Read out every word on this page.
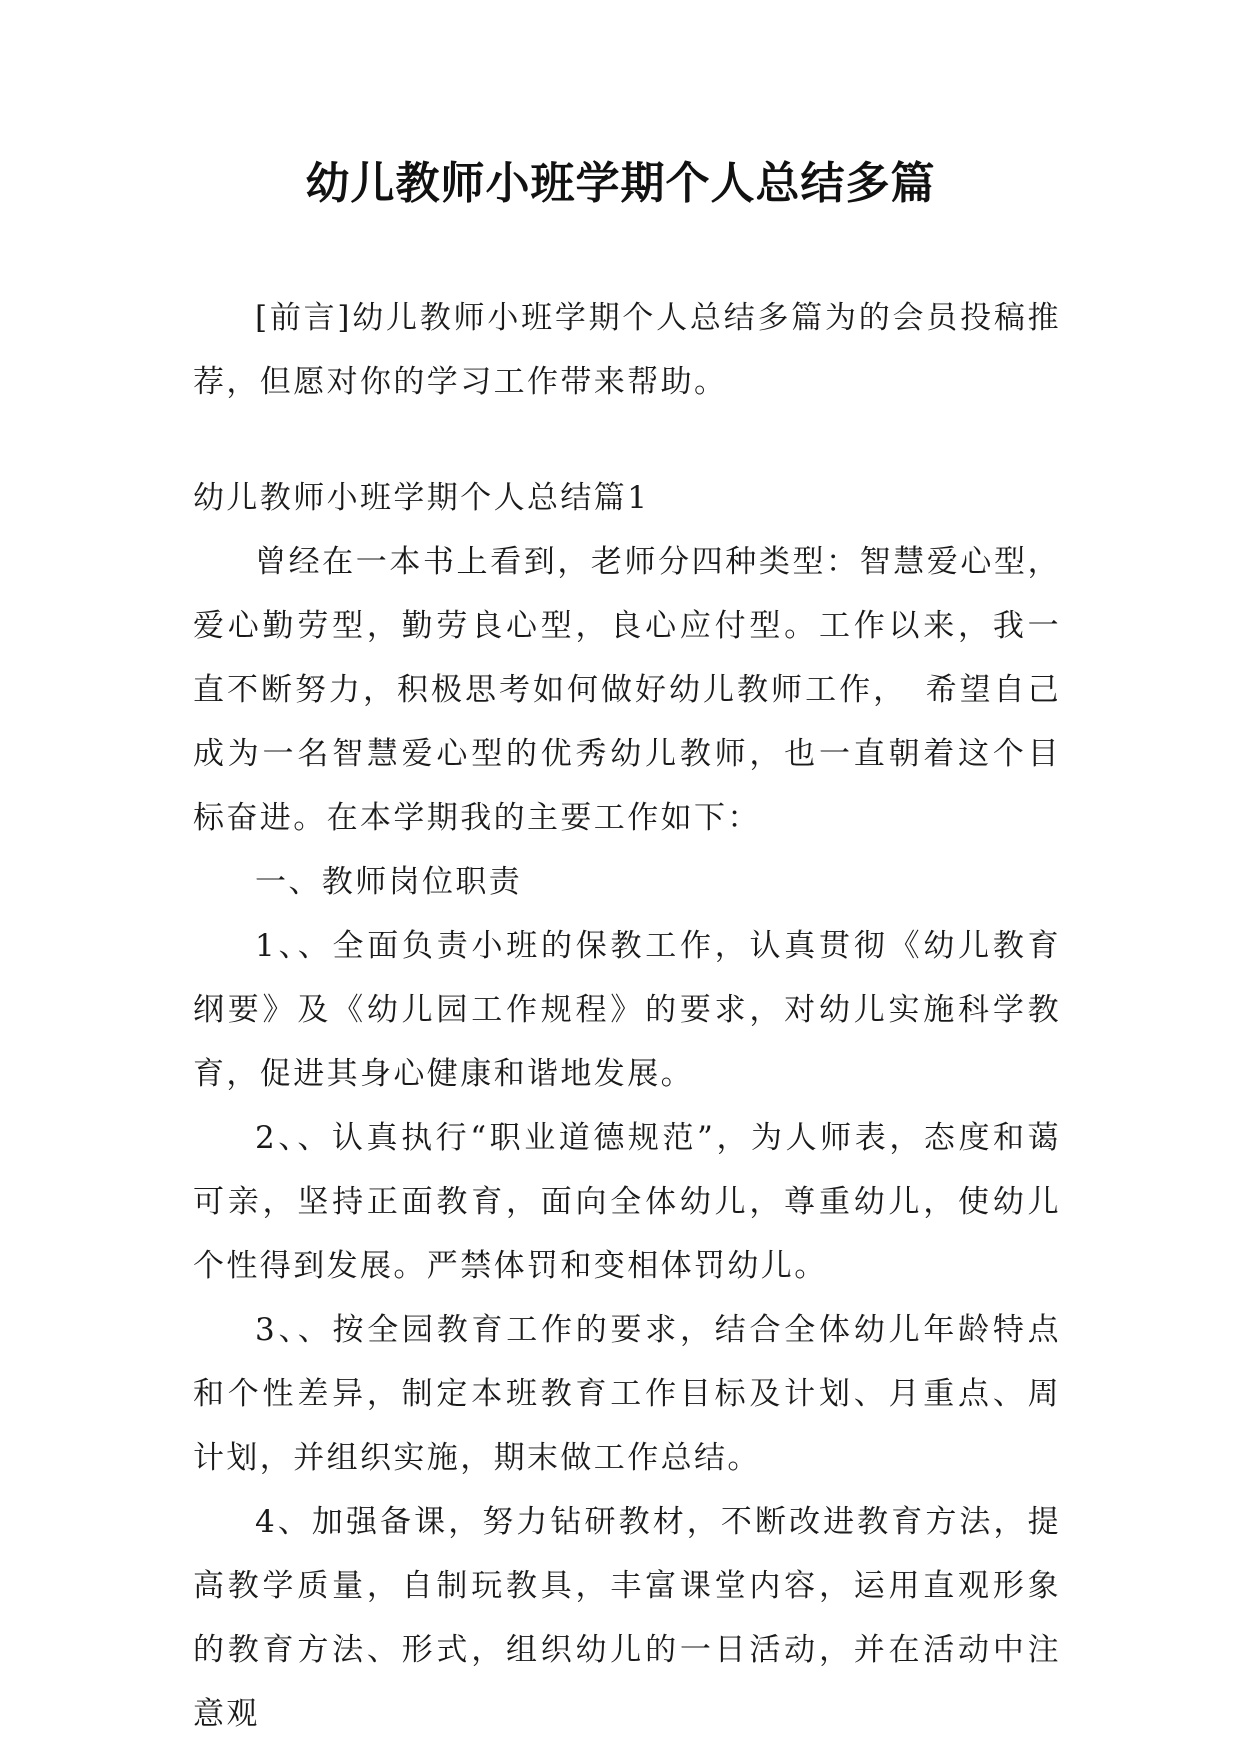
幼儿教师小班学期个人总结多篇

[前言]幼儿教师小班学期个人总结多篇为的会员投稿推荐，但愿对你的学习工作带来帮助。

幼儿教师小班学期个人总结篇1

曾经在一本书上看到，老师分四种类型：智慧爱心型，爱心勤劳型，勤劳良心型，良心应付型。工作以来，我一直不断努力，积极思考如何做好幼儿教师工作，　希望自己成为一名智慧爱心型的优秀幼儿教师，也一直朝着这个目标奋进。在本学期我的主要工作如下：

一、教师岗位职责

1、、全面负责小班的保教工作，认真贯彻《幼儿教育纲要》及《幼儿园工作规程》的要求，对幼儿实施科学教育，促进其身心健康和谐地发展。

2、、认真执行“职业道德规范”，为人师表，态度和蔼可亲，坚持正面教育，面向全体幼儿，尊重幼儿，使幼儿个性得到发展。严禁体罚和变相体罚幼儿。

3、、按全园教育工作的要求，结合全体幼儿年龄特点和个性差异，制定本班教育工作目标及计划、月重点、周计划，并组织实施，期末做工作总结。

4、加强备课，努力钻研教材，不断改进教育方法，提高教学质量，自制玩教具，丰富课堂内容，运用直观形象的教育方法、形式，组织幼儿的一日活动，并在活动中注意观
